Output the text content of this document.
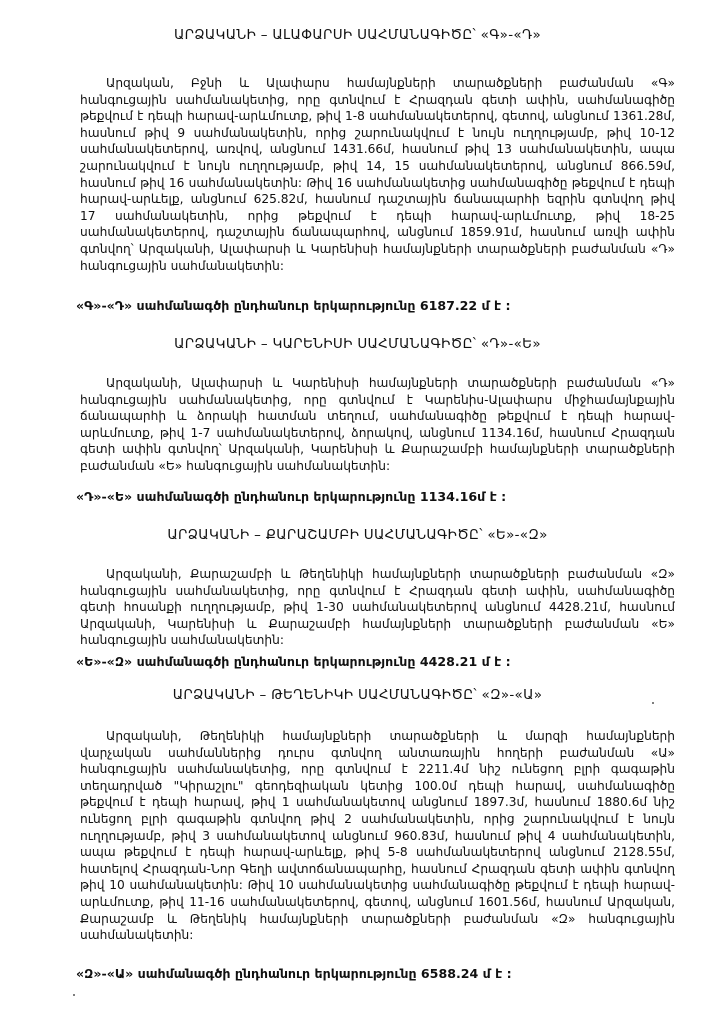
ԱՐՁԱԿԱՆԻ – ԱԼԱՓԱՐՍԻ ՍԱՀՄԱՆԱԳԻԾԸ՝ «Գ»-«Դ»
Արզական, Բջնի և Ալափարս համայնքների տարածքների բաժանման «Գ»
հանգուցային սահմանակետից, որը գտնվում է Հրազդան գետի ափին, սահմանագիծը
թեքվում է դեպի հարավ-արևմուտք, թիվ 1-8 սահմանակետերով, գետով, անցնում 1361.28մ,
հասնում թիվ 9 սահմանակետին, որից շարունակվում է նույն ուղղությամբ, թիվ 10-12
սահմանակետերով, առվով, անցնում 1431.66մ, հասնում թիվ 13 սահմանակետին, ապա
շարունակվում է նույն ուղղությամբ, թիվ 14, 15 սահմանակետերով, անցնում 866.59մ,
հասնում թիվ 16 սահմանակետին: Թիվ 16 սահմանակետից սահմանագիծը թեքվում է դեպի
հարավ-արևելք, անցնում 625.82մ, հասնում դաշտային ճանապարհի եզրին գտնվող թիվ
17 սահմանակետին, որից թեքվում է դեպի հարավ-արևմուտք, թիվ 18-25
սահմանակետերով, դաշտային ճանապարհով, անցնում 1859.91մ, հասնում առվի ափին
գտնվող՝ Արզականի, Ալափարսի և Կարենիսի համայնքների տարածքների բաժանման «Դ»
հանգուցային սահմանակետին:
«Գ»-«Դ» սահմանագծի ընդհանուր երկարությունը 6187.22 մ է :
ԱՐՁԱԿԱՆԻ – ԿԱՐԵՆԻՍԻ ՍԱՀՄԱՆԱԳԻԾԸ՝ «Դ»-«Ե»
Արզականի, Ալափարսի և Կարենիսի համայնքների տարածքների բաժանման «Դ»
հանգուցային սահմանակետից, որը գտնվում է Կարենիս-Ալափարս միջհամայնքային
ճանապարհի և ձորակի հատման տեղում, սահմանագիծը թեքվում է դեպի հարավ-
արևմուտք, թիվ 1-7 սահմանակետերով, ձորակով, անցնում 1134.16մ, հասնում Հրազդան
գետի ափին գտնվող՝ Արզականի, Կարենիսի և Քարաշամբի համայնքների տարածքների
բաժանման «Ե» հանգուցային սահմանակետին:
«Դ»-«Ե» սահմանագծի ընդհանուր երկարությունը 1134.16մ է :
ԱՐՁԱԿԱՆԻ – ՔԱՐԱՇԱՄԲԻ ՍԱՀՄԱՆԱԳԻԾԸ՝ «Ե»-«Զ»
Արզականի, Քարաշամբի և Թեղենիկի համայնքների տարածքների բաժանման «Զ»
հանգուցային սահմանակետից, որը գտնվում է Հրազդան գետի ափին, սահմանագիծը
գետի հոսանքի ուղղությամբ, թիվ 1-30 սահմանակետերով անցնում 4428.21մ, հասնում
Արզականի, Կարենիսի և Քարաշամբի համայնքների տարածքների բաժանման «Ե»
հանգուցային սահմանակետին:
«Ե»-«Զ» սահմանագծի ընդհանուր երկարությունը 4428.21 մ է :
ԱՐՁԱԿԱՆԻ – ԹԵՂԵՆԻԿԻ ՍԱՀՄԱՆԱԳԻԾԸ՝ «Զ»-«Ա»
Արզականի, Թեղենիկի համայնքների տարածքների և մարզի համայնքների
վարչական սահմաններից դուրս գտնվող անտառային հողերի բաժանման «Ա»
հանգուցային սահմանակետից, որը գտնվում է 2211.4մ նիշ ունեցող բլրի գագաթին
տեղադրված "Կիրաշլու" գեոդեզիական կետից 100.0մ դեպի հարավ, սահմանագիծը
թեքվում է դեպի հարավ, թիվ 1 սահմանակետով անցնում 1897.3մ, հասնում 1880.6մ նիշ
ունեցող բլրի գագաթին գտնվող թիվ 2 սահմանակետին, որից շարունակվում է նույն
ուղղությամբ, թիվ 3 սահմանակետով անցնում 960.83մ, հասնում թիվ 4 սահմանակետին,
ապա թեքվում է դեպի հարավ-արևելք, թիվ 5-8 սահմանակետերով անցնում 2128.55մ,
հատելով Հրազդան-Նոր Գեղի ավտոճանապարհը, հասնում Հրազդան գետի ափին գտնվող
թիվ 10 սահմանակետին: Թիվ 10 սահմանակետից սահմանագիծը թեքվում է դեպի հարավ-
արևմուտք, թիվ 11-16 սահմանակետերով, գետով, անցնում 1601.56մ, հասնում Արզական,
Քարաշամբ և Թեղենիկ համայնքների տարածքների բաժանման «Զ» հանգուցային
սահմանակետին:
«Զ»-«Ա» սահմանագծի ընդհանուր երկարությունը 6588.24 մ է :
